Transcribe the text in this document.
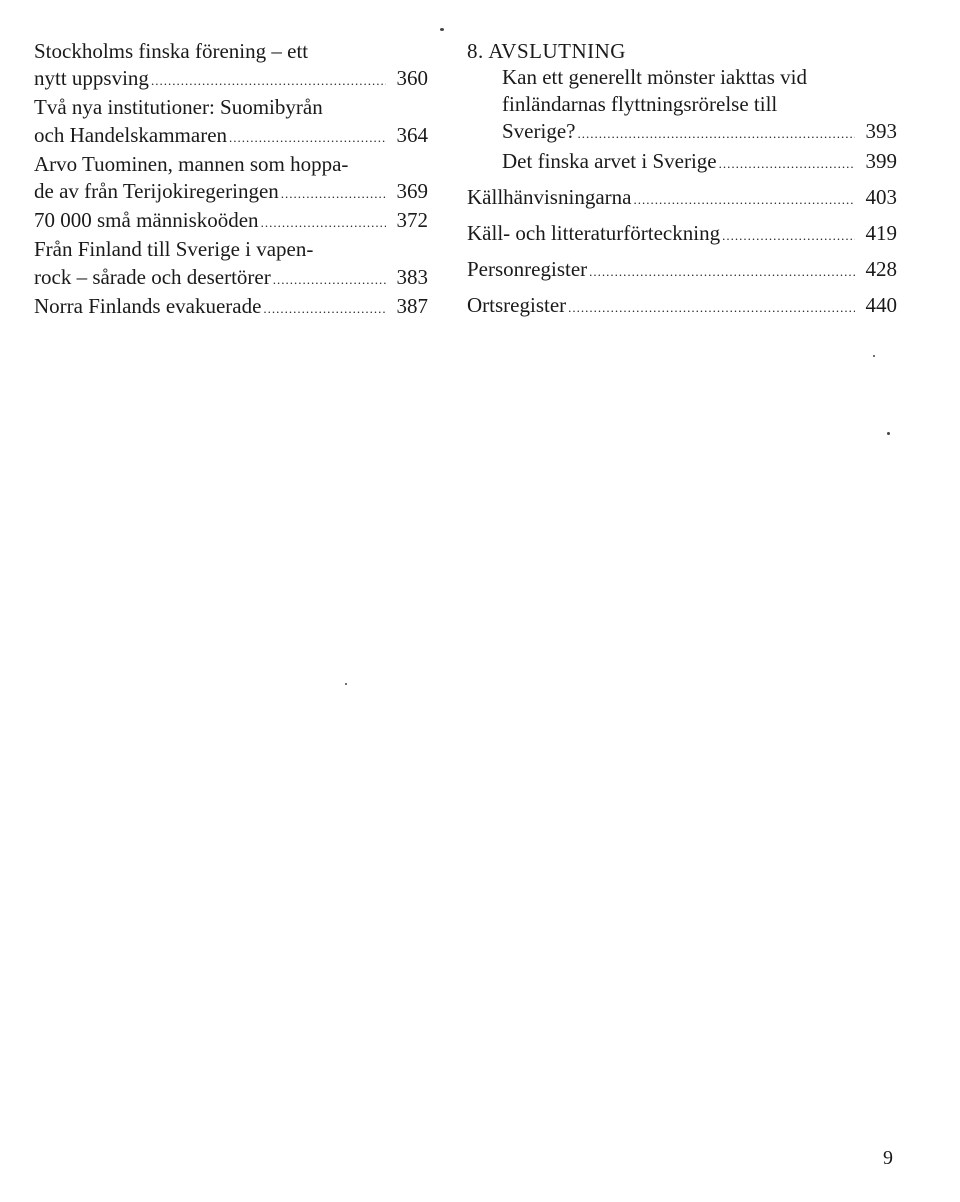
Stockholms finska förening – ett
nytt uppsving .....	360
Två nya institutioner: Suomibyrån
och Handelskammaren .....	364
Arvo Tuominen, mannen som hoppa-
de av från Terijokiregeringen .....	369
70 000 små människoöden .....	372
Från Finland till Sverige i vapen-
rock – sårade och desertörer .....	383
Norra Finlands evakuerade .....	387
8. AVSLUTNING
Kan ett generellt mönster iakttas vid
finländarnas flyttningsrörelse till
Sverige? .....	393
Det finska arvet i Sverige .....	399
Källhänvisningarna .....	403
Käll- och litteraturförteckning .....	419
Personregister .....	428
Ortsregister .....	440
9
